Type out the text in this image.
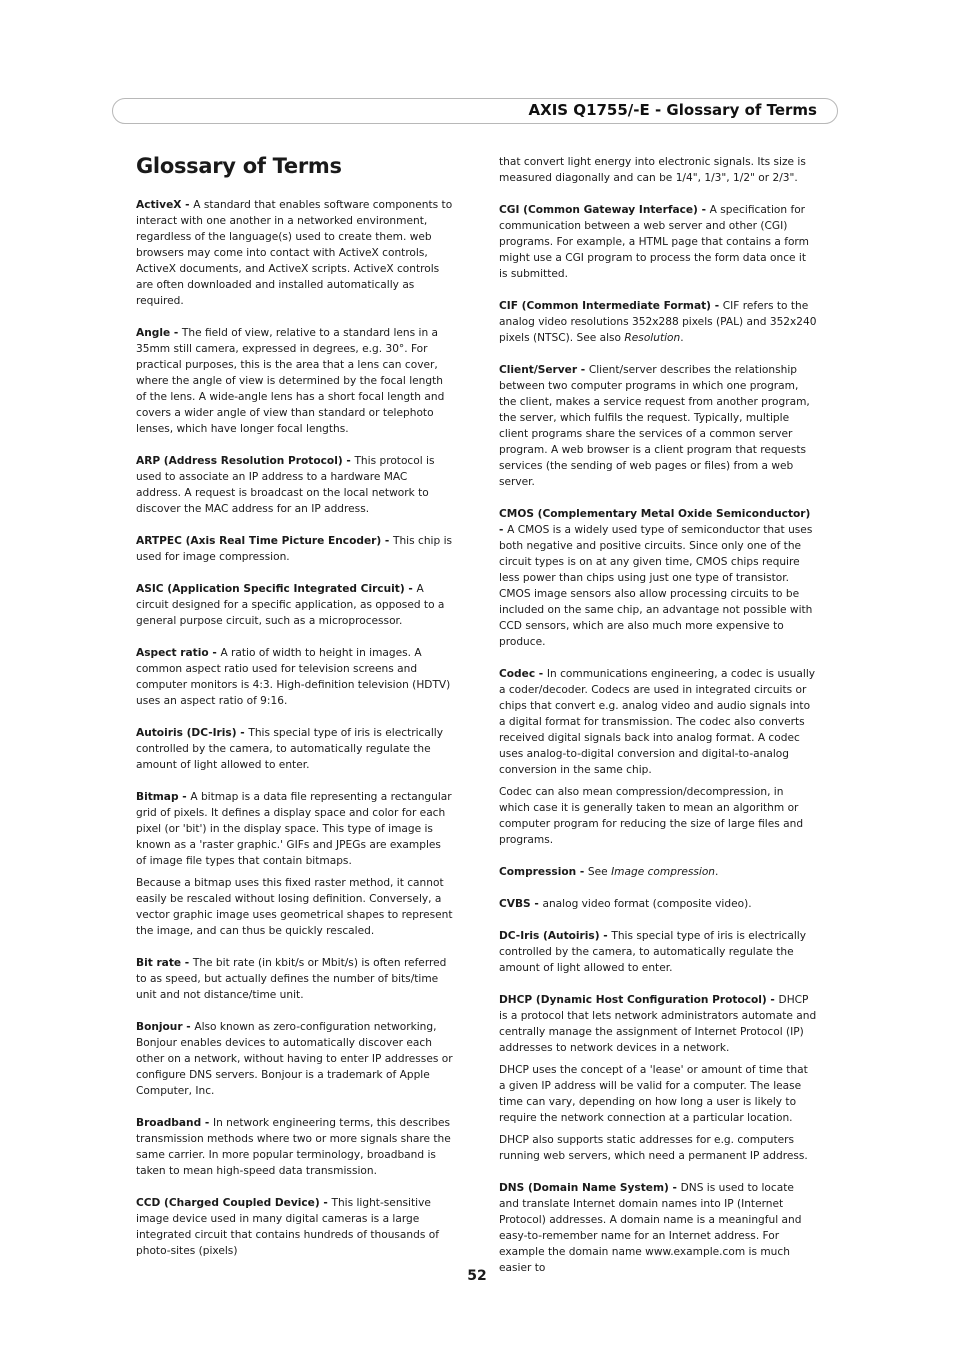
AXIS Q1755/-E - Glossary of Terms
Glossary of Terms

ActiveX - A standard that enables software components to interact with one another in a networked environment, regardless of the language(s) used to create them. web browsers may come into contact with ActiveX controls, ActiveX documents, and ActiveX scripts. ActiveX controls are often downloaded and installed automatically as required.

Angle - The field of view, relative to a standard lens in a 35mm still camera, expressed in degrees, e.g. 30°. For practical purposes, this is the area that a lens can cover, where the angle of view is determined by the focal length of the lens. A wide-angle lens has a short focal length and covers a wider angle of view than standard or telephoto lenses, which have longer focal lengths.

ARP (Address Resolution Protocol) - This protocol is used to associate an IP address to a hardware MAC address. A request is broadcast on the local network to discover the MAC address for an IP address.

ARTPEC (Axis Real Time Picture Encoder) - This chip is used for image compression.

ASIC (Application Specific Integrated Circuit) - A circuit designed for a specific application, as opposed to a general purpose circuit, such as a microprocessor.

Aspect ratio - A ratio of width to height in images. A common aspect ratio used for television screens and computer monitors is 4:3. High-definition television (HDTV) uses an aspect ratio of 9:16.

Autoiris (DC-Iris) - This special type of iris is electrically controlled by the camera, to automatically regulate the amount of light allowed to enter.

Bitmap - A bitmap is a data file representing a rectangular grid of pixels. It defines a display space and color for each pixel (or 'bit') in the display space. This type of image is known as a 'raster graphic.' GIFs and JPEGs are examples of image file types that contain bitmaps.

Because a bitmap uses this fixed raster method, it cannot easily be rescaled without losing definition. Conversely, a vector graphic image uses geometrical shapes to represent the image, and can thus be quickly rescaled.

Bit rate - The bit rate (in kbit/s or Mbit/s) is often referred to as speed, but actually defines the number of bits/time unit and not distance/time unit.

Bonjour - Also known as zero-configuration networking, Bonjour enables devices to automatically discover each other on a network, without having to enter IP addresses or configure DNS servers. Bonjour is a trademark of Apple Computer, Inc.

Broadband - In network engineering terms, this describes transmission methods where two or more signals share the same carrier. In more popular terminology, broadband is taken to mean high-speed data transmission.

CCD (Charged Coupled Device) - This light-sensitive image device used in many digital cameras is a large integrated circuit that contains hundreds of thousands of photo-sites (pixels)

that convert light energy into electronic signals. Its size is measured diagonally and can be 1/4", 1/3", 1/2" or 2/3".

CGI (Common Gateway Interface) - A specification for communication between a web server and other (CGI) programs. For example, a HTML page that contains a form might use a CGI program to process the form data once it is submitted.

CIF (Common Intermediate Format) - CIF refers to the analog video resolutions 352x288 pixels (PAL) and 352x240 pixels (NTSC). See also Resolution.

Client/Server - Client/server describes the relationship between two computer programs in which one program, the client, makes a service request from another program, the server, which fulfils the request. Typically, multiple client programs share the services of a common server program. A web browser is a client program that requests services (the sending of web pages or files) from a web server.

CMOS (Complementary Metal Oxide Semiconductor) - A CMOS is a widely used type of semiconductor that uses both negative and positive circuits. Since only one of the circuit types is on at any given time, CMOS chips require less power than chips using just one type of transistor. CMOS image sensors also allow processing circuits to be included on the same chip, an advantage not possible with CCD sensors, which are also much more expensive to produce.

Codec - In communications engineering, a codec is usually a coder/decoder. Codecs are used in integrated circuits or chips that convert e.g. analog video and audio signals into a digital format for transmission. The codec also converts received digital signals back into analog format. A codec uses analog-to-digital conversion and digital-to-analog conversion in the same chip.

Codec can also mean compression/decompression, in which case it is generally taken to mean an algorithm or computer program for reducing the size of large files and programs.

Compression - See Image compression.

CVBS - analog video format (composite video).

DC-Iris (Autoiris) - This special type of iris is electrically controlled by the camera, to automatically regulate the amount of light allowed to enter.

DHCP (Dynamic Host Configuration Protocol) - DHCP is a protocol that lets network administrators automate and centrally manage the assignment of Internet Protocol (IP) addresses to network devices in a network.

DHCP uses the concept of a 'lease' or amount of time that a given IP address will be valid for a computer. The lease time can vary, depending on how long a user is likely to require the network connection at a particular location.

DHCP also supports static addresses for e.g. computers running web servers, which need a permanent IP address.

DNS (Domain Name System) - DNS is used to locate and translate Internet domain names into IP (Internet Protocol) addresses. A domain name is a meaningful and easy-to-remember name for an Internet address. For example the domain name www.example.com is much easier to

52
